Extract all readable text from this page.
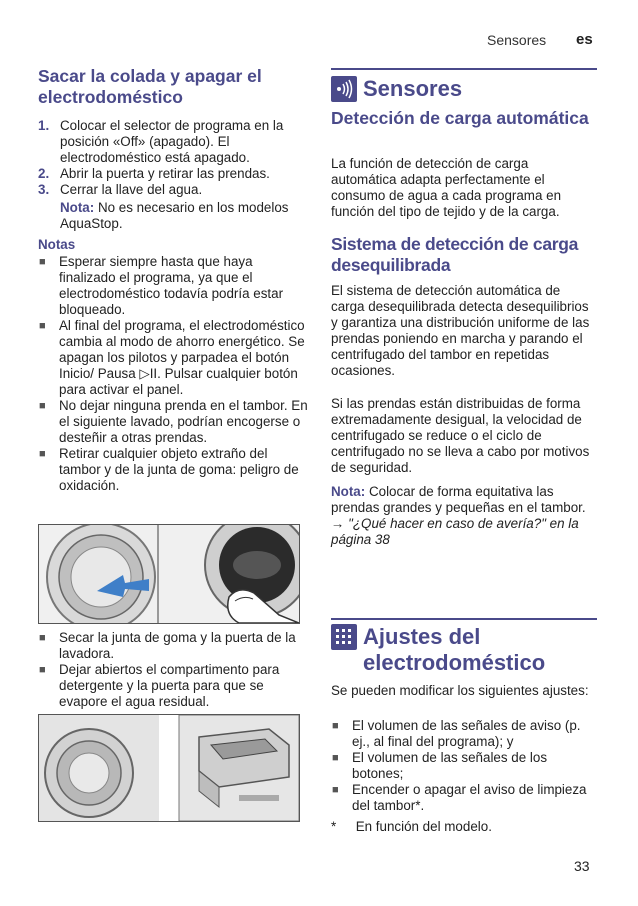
Sensores es
Sacar la colada y apagar el electrodoméstico
1. Colocar el selector de programa en la posición «Off» (apagado). El electrodoméstico está apagado.
2. Abrir la puerta y retirar las prendas.
3. Cerrar la llave del agua.
Nota: No es necesario en los modelos AquaStop.
Notas
■ Esperar siempre hasta que haya finalizado el programa, ya que el electrodoméstico todavía podría estar bloqueado.
■ Al final del programa, el electrodoméstico cambia al modo de ahorro energético. Se apagan los pilotos y parpadea el botón Inicio/ Pausa ▷II. Pulsar cualquier botón para activar el panel.
■ No dejar ninguna prenda en el tambor. En el siguiente lavado, podrían encogerse o desteñir a otras prendas.
■ Retirar cualquier objeto extraño del tambor y de la junta de goma: peligro de oxidación.
■ Secar la junta de goma y la puerta de la lavadora.
■ Dejar abiertos el compartimento para detergente y la puerta para que se evapore el agua residual.
Sensores
Detección de carga automática
La función de detección de carga automática adapta perfectamente el consumo de agua a cada programa en función del tipo de tejido y de la carga.
Sistema de detección de carga desequilibrada
El sistema de detección automática de carga desequilibrada detecta desequilibrios y garantiza una distribución uniforme de las prendas poniendo en marcha y parando el centrifugado del tambor en repetidas ocasiones.
Si las prendas están distribuidas de forma extremadamente desigual, la velocidad de centrifugado se reduce o el ciclo de centrifugado no se lleva a cabo por motivos de seguridad.
Nota: Colocar de forma equitativa las prendas grandes y pequeñas en el tambor.
→ "¿Qué hacer en caso de avería?" en la página 38
Ajustes del electrodoméstico
Se pueden modificar los siguientes ajustes:
■ El volumen de las señales de aviso (p. ej., al final del programa); y
■ El volumen de las señales de los botones;
■ Encender o apagar el aviso de limpieza del tambor*.
* En función del modelo.
33
